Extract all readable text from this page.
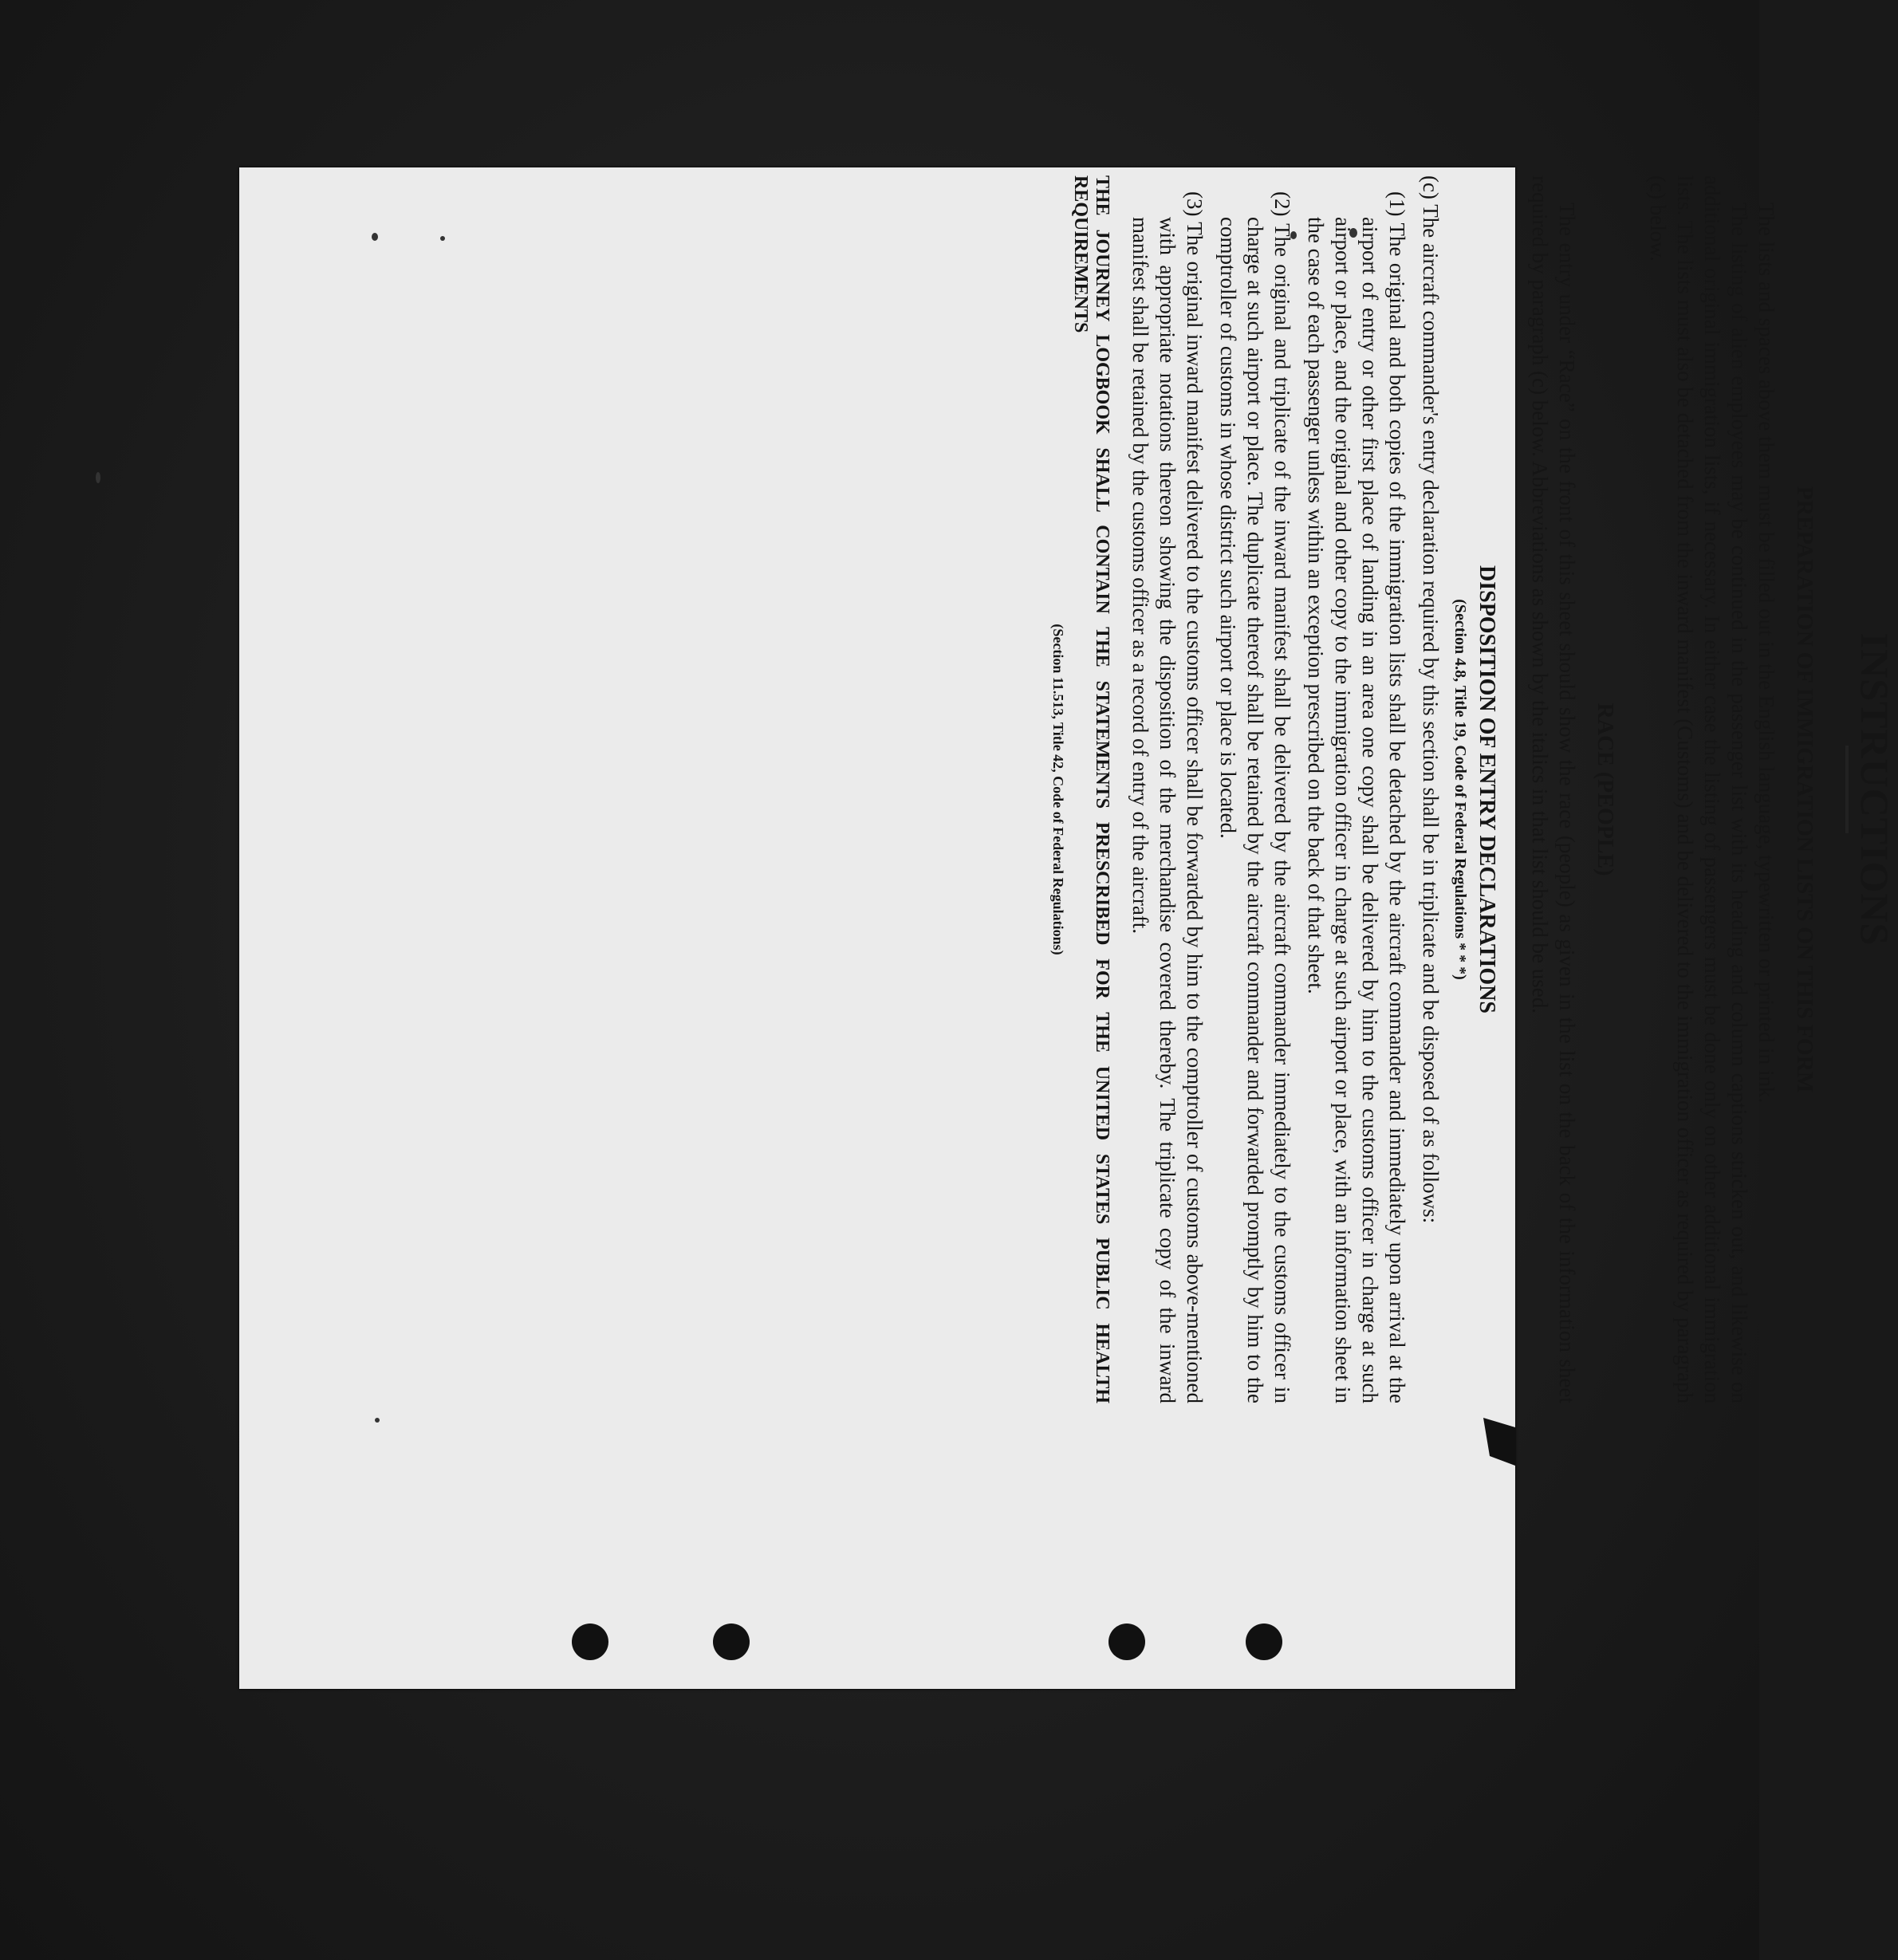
INSTRUCTIONS
PREPARATION OF IMMIGRATION LISTS ON THIS FORM

The lists and spaces above them must be filled out in the English language, typewritten or printed in ink.

The listing of alien employees may be continued in the passenger list with its heading and column captions stricken out, and likewise on additional original immigration lists, if necessary. In either case the listing of passengers must be done only on other additional immigration lists. The lists must also be detached from the inward manifest (Customs) and be delivered to the immigration officer as required by paragraph (c) below.

RACE (PEOPLE)

The entry under “Race” on the front of this sheet should show the race (people) as given in the list on the back of the information sheet required by paragraph (c) below. Abbreviations as shown by the italics in that list should be used.

DISPOSITION OF ENTRY DECLARATIONS
(Section 4.8, Title 19, Code of Federal Regulations * * *)

(c) The aircraft commander's entry declaration required by this section shall be in triplicate and be disposed of as follows:

(1) The original and both copies of the immigration lists shall be detached by the aircraft commander and immediately upon arrival at the airport of entry or other first place of landing in an area one copy shall be delivered by him to the customs officer in charge at such airport or place, and the original and other copy to the immigration officer in charge at such airport or place, with an information sheet in the case of each passenger unless within an exception prescribed on the back of that sheet.

(2) The original and triplicate of the inward manifest shall be delivered by the aircraft commander immediately to the customs officer in charge at such airport or place. The duplicate thereof shall be retained by the aircraft commander and forwarded promptly by him to the comptroller of customs in whose district such airport or place is located.

(3) The original inward manifest delivered to the customs officer shall be forwarded by him to the comptroller of customs above-mentioned with appropriate notations thereon showing the disposition of the merchandise covered thereby. The triplicate copy of the inward manifest shall be retained by the customs officer as a record of entry of the aircraft.

THE JOURNEY LOGBOOK SHALL CONTAIN THE STATEMENTS PRESCRIBED FOR THE UNITED STATES PUBLIC HEALTH REQUIREMENTS

(Section 11.513, Title 42, Code of Federal Regulations)
